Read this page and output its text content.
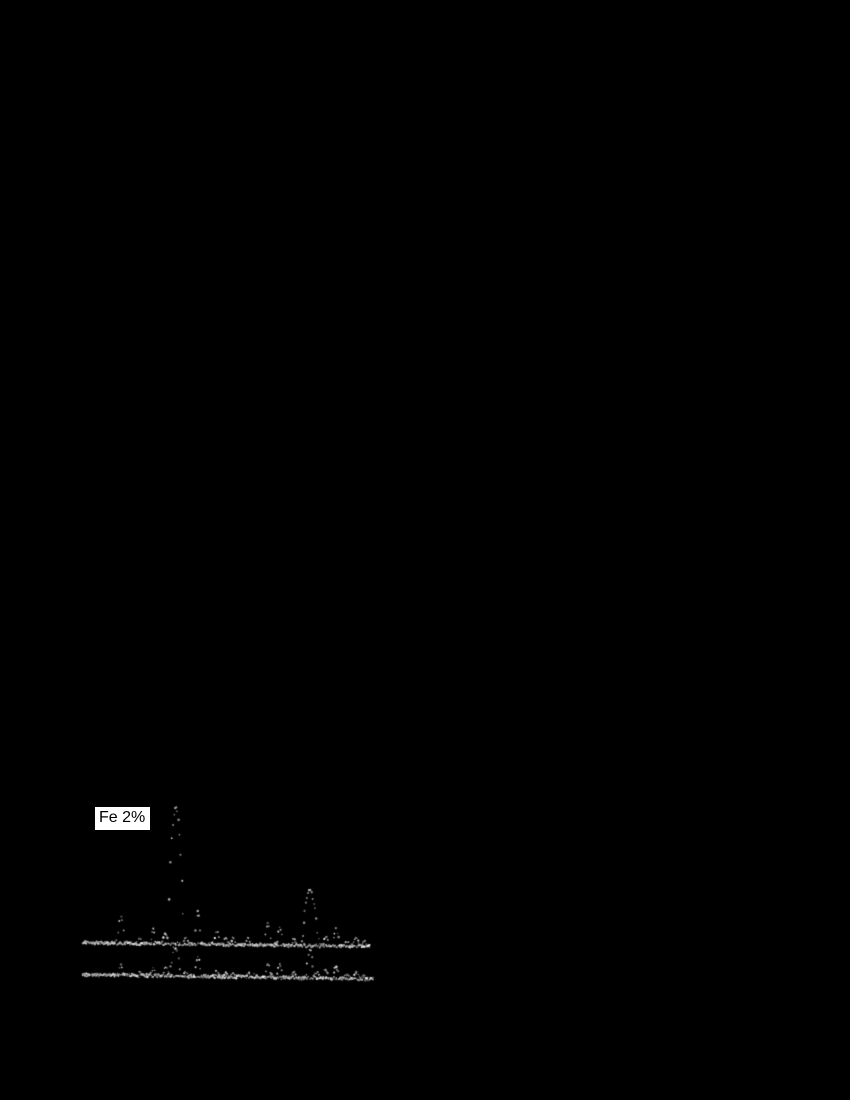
Fe 2%
